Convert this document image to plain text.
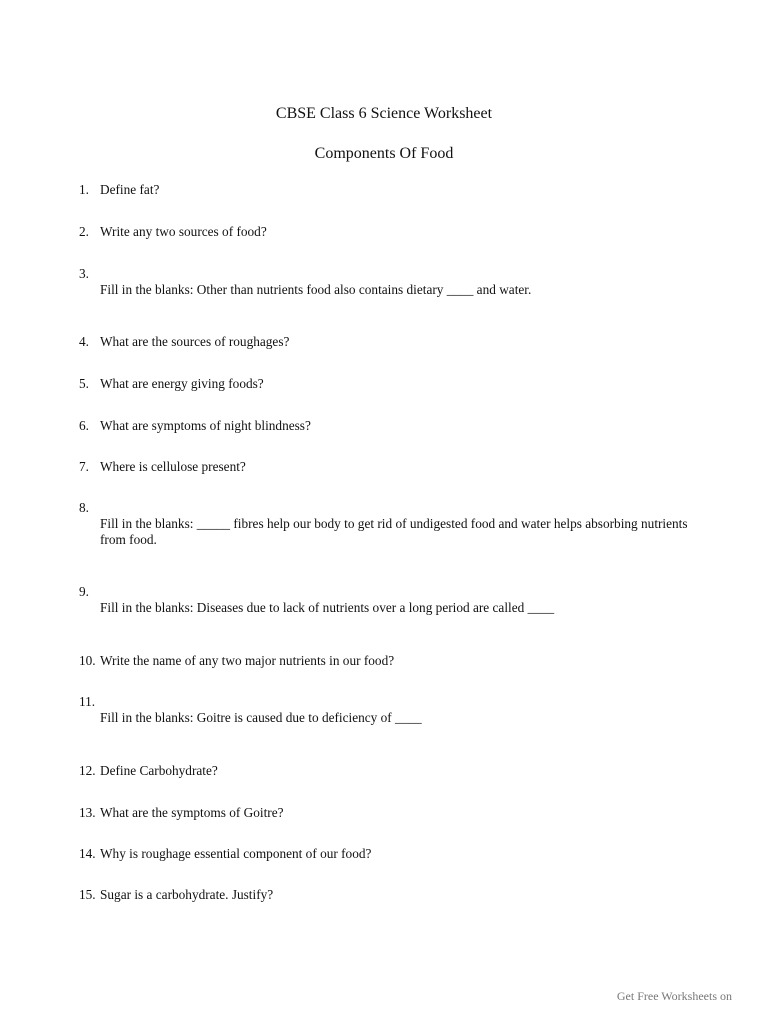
CBSE Class 6 Science Worksheet
Components Of Food
1. Define fat?
2. Write any two sources of food?
3.
Fill in the blanks: Other than nutrients food also contains dietary ____ and water.
4. What are the sources of roughages?
5. What are energy giving foods?
6. What are symptoms of night blindness?
7. Where is cellulose present?
8.
Fill in the blanks: _____ fibres help our body to get rid of undigested food and water helps absorbing nutrients from food.
9.
Fill in the blanks: Diseases due to lack of nutrients over a long period are called ____
10. Write the name of any two major nutrients in our food?
11.
Fill in the blanks: Goitre is caused due to deficiency of ____
12. Define Carbohydrate?
13. What are the symptoms of Goitre?
14. Why is roughage essential component of our food?
15. Sugar is a carbohydrate. Justify?
Get Free Worksheets on
